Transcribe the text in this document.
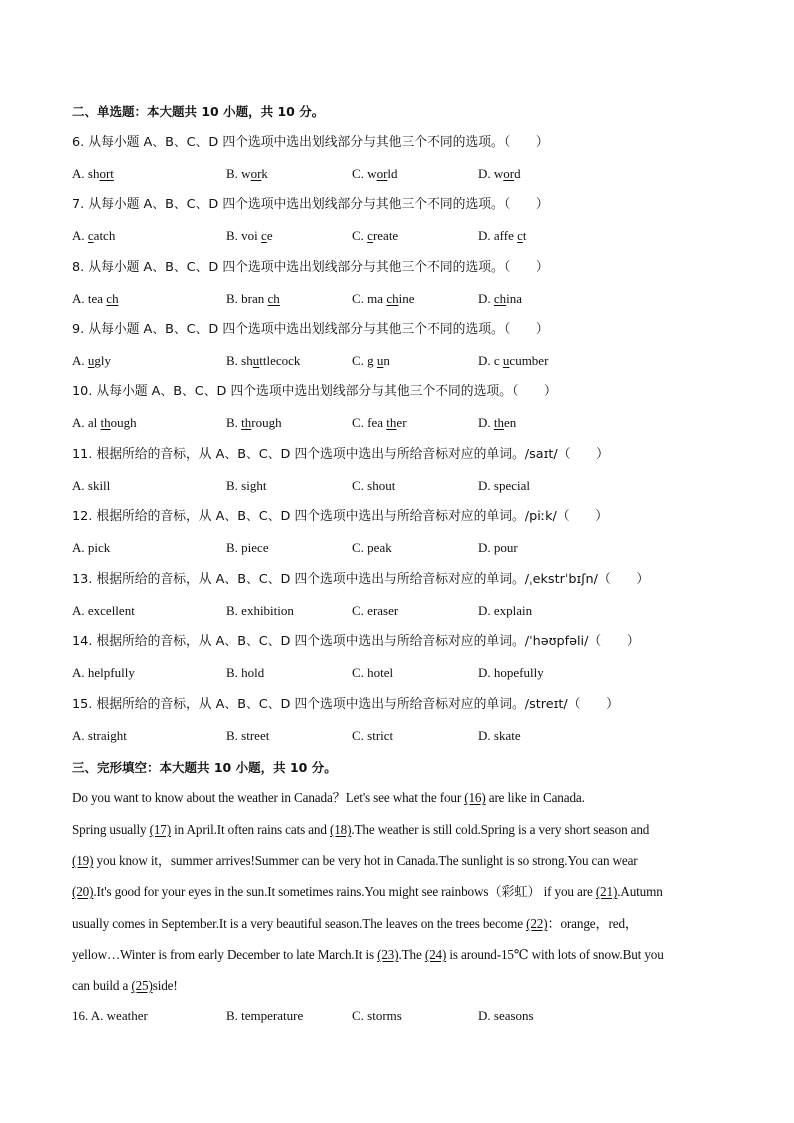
二、单选题：本大题共 10 小题，共 10 分。
6. 从每小题 A、B、C、D 四个选项中选出划线部分与其他三个不同的选项。（　　）
A. short	B. work	C. world	D. word
7. 从每小题 A、B、C、D 四个选项中选出划线部分与其他三个不同的选项。（　　）
A. catch	B. voi ce	C. create	D. affe ct
8. 从每小题 A、B、C、D 四个选项中选出划线部分与其他三个不同的选项。（　　）
A. tea ch	B. bran ch	C. ma chine	D. china
9. 从每小题 A、B、C、D 四个选项中选出划线部分与其他三个不同的选项。（　　）
A. ugly	B. shuttlecock	C. g un	D. c ucumber
10. 从每小题 A、B、C、D 四个选项中选出划线部分与其他三个不同的选项。（　　）
A. al though	B. through	C. fea ther	D. then
11. 根据所给的音标，从 A、B、C、D 四个选项中选出与所给音标对应的单词。/saɪt/（　　）
A. skill	B. sight	C. shout	D. special
12. 根据所给的音标，从 A、B、C、D 四个选项中选出与所给音标对应的单词。/piːk/（　　）
A. pick	B. piece	C. peak	D. pour
13. 根据所给的音标，从 A、B、C、D 四个选项中选出与所给音标对应的单词。/ˌekstrˈbɪʃn/（　　）
A. excellent	B. exhibition	C. eraser	D. explain
14. 根据所给的音标，从 A、B、C、D 四个选项中选出与所给音标对应的单词。/ˈhəʊpfəli/（　　）
A. helpfully	B. hold	C. hotel	D. hopefully
15. 根据所给的音标，从 A、B、C、D 四个选项中选出与所给音标对应的单词。/streɪt/（　　）
A. straight	B. street	C. strict	D. skate
三、完形填空：本大题共 10 小题，共 10 分。
Do you want to know about the weather in Canada？Let's see what the four (16) are like in Canada.
Spring usually (17) in April.It often rains cats and (18).The weather is still cold.Spring is a very short season and
(19) you know it，summer arrives!Summer can be very hot in Canada.The sunlight is so strong.You can wear
(20).It's good for your eyes in the sun.It sometimes rains.You might see rainbows（彩虹） if you are (21).Autumn
usually comes in September.It is a very beautiful season.The leaves on the trees become (22)：orange，red，
yellow…Winter is from early December to late March.It is (23).The (24) is around-15℃ with lots of snow.But you
can build a (25)side!
16. A. weather	B. temperature	C. storms	D. seasons
